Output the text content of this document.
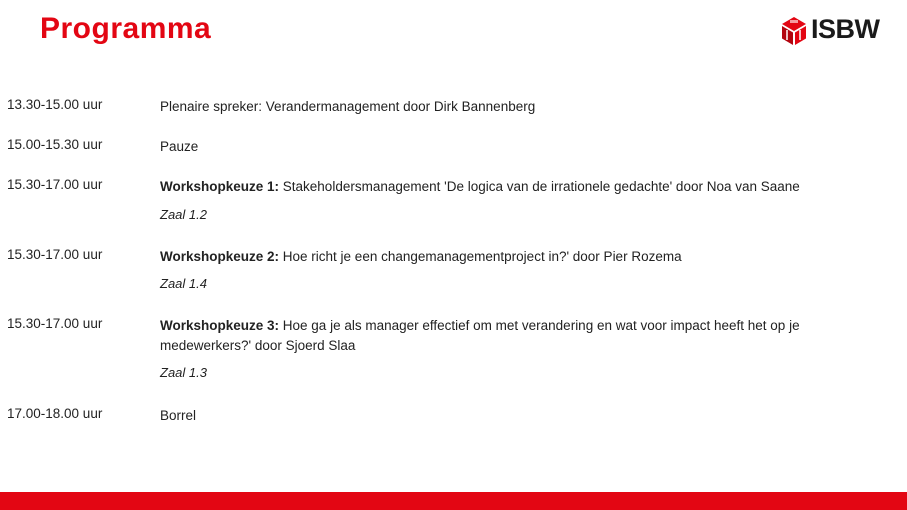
Programma	ISBW
13.30-15.00 uur	Plenaire spreker: Verandermanagement door Dirk Bannenberg
15.00-15.30 uur	Pauze
15.30-17.00 uur	Workshopkeuze 1: Stakeholdersmanagement 'De logica van de irrationele gedachte' door Noa van Saane
Zaal 1.2
15.30-17.00 uur	Workshopkeuze 2: Hoe richt je een changemanagementproject in?' door Pier Rozema
Zaal 1.4
15.30-17.00 uur	Workshopkeuze 3: Hoe ga je als manager effectief om met verandering en wat voor impact heeft het op je medewerkers?' door Sjoerd Slaa
Zaal 1.3
17.00-18.00 uur	Borrel
